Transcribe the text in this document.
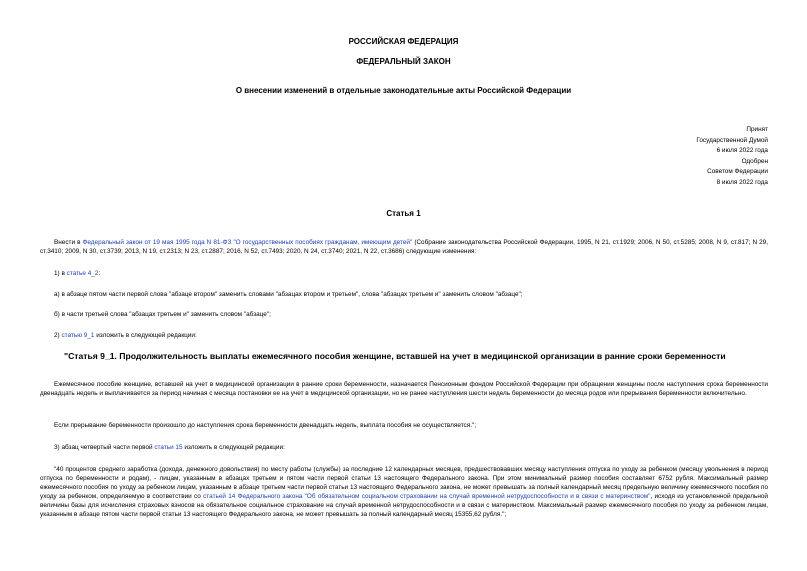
РОССИЙСКАЯ ФЕДЕРАЦИЯ
ФЕДЕРАЛЬНЫЙ ЗАКОН
О внесении изменений в отдельные законодательные акты Российской Федерации
Принят
Государственной Думой
6 июля 2022 года
Одобрен
Советом Федерации
8 июля 2022 года
Статья 1

Внести в Федеральный закон от 19 мая 1995 года N 81-ФЗ "О государственных пособиях гражданам, имеющим детей" (Собрание законодательства Российской Федерации, 1995, N 21, ст.1929; 2006, N 50, ст.5285; 2008, N 9, ст.817; N 29, ст.3410; 2009, N 30, ст.3739; 2013, N 19, ст.2313; N 23, ст.2887; 2016, N 52, ст.7493; 2020, N 24, ст.3740; 2021, N 22, ст.3686) следующие изменения:

1) в статье 4_2:

а) в абзаце пятом части первой слова "абзаце втором" заменить словами "абзацах втором и третьем", слова "абзацах третьем и" заменить словом "абзаце";

б) в части третьей слова "абзацах третьем и" заменить словом "абзаце";

2) статью 9_1 изложить в следующей редакции:

"Статья 9_1. Продолжительность выплаты ежемесячного пособия женщине, вставшей на учет в медицинской организации в ранние сроки беременности

Ежемесячное пособие женщине, вставшей на учет в медицинской организации в ранние сроки беременности, назначается Пенсионным фондом Российской Федерации при обращении женщины после наступления срока беременности двенадцать недель и выплачивается за период начиная с месяца постановки ее на учет в медицинской организации, но не ранее наступления шести недель беременности до месяца родов или прерывания беременности включительно.

Если прерывание беременности произошло до наступления срока беременности двенадцать недель, выплата пособия не осуществляется.";

3) абзац четвертый части первой статьи 15 изложить в следующей редакции:

"40 процентов среднего заработка (дохода, денежного довольствия) по месту работы (службы) за последние 12 календарных месяцев, предшествовавших месяцу наступления отпуска по уходу за ребенком (месяцу увольнения в период отпуска по беременности и родам), - лицам, указанным в абзацах третьем и пятом части первой статьи 13 настоящего Федерального закона. При этом минимальный размер пособия составляет 6752 рубля. Максимальный размер ежемесячного пособия по уходу за ребенком лицам, указанным в абзаце третьем части первой статьи 13 настоящего Федерального закона, не может превышать за полный календарный месяц предельную величину ежемесячного пособия по уходу за ребенком, определяемую в соответствии со статьей 14 Федерального закона "Об обязательном социальном страховании на случай временной нетрудоспособности и в связи с материнством", исходя из установленной предельной величины базы для исчисления страховых взносов на обязательное социальное страхование на случай временной нетрудоспособности и в связи с материнством. Максимальный размер ежемесячного пособия по уходу за ребенком лицам, указанным в абзаце пятом части первой статьи 13 настоящего Федерального закона, не может превышать за полный календарный месяц 15355,62 рубля.";
